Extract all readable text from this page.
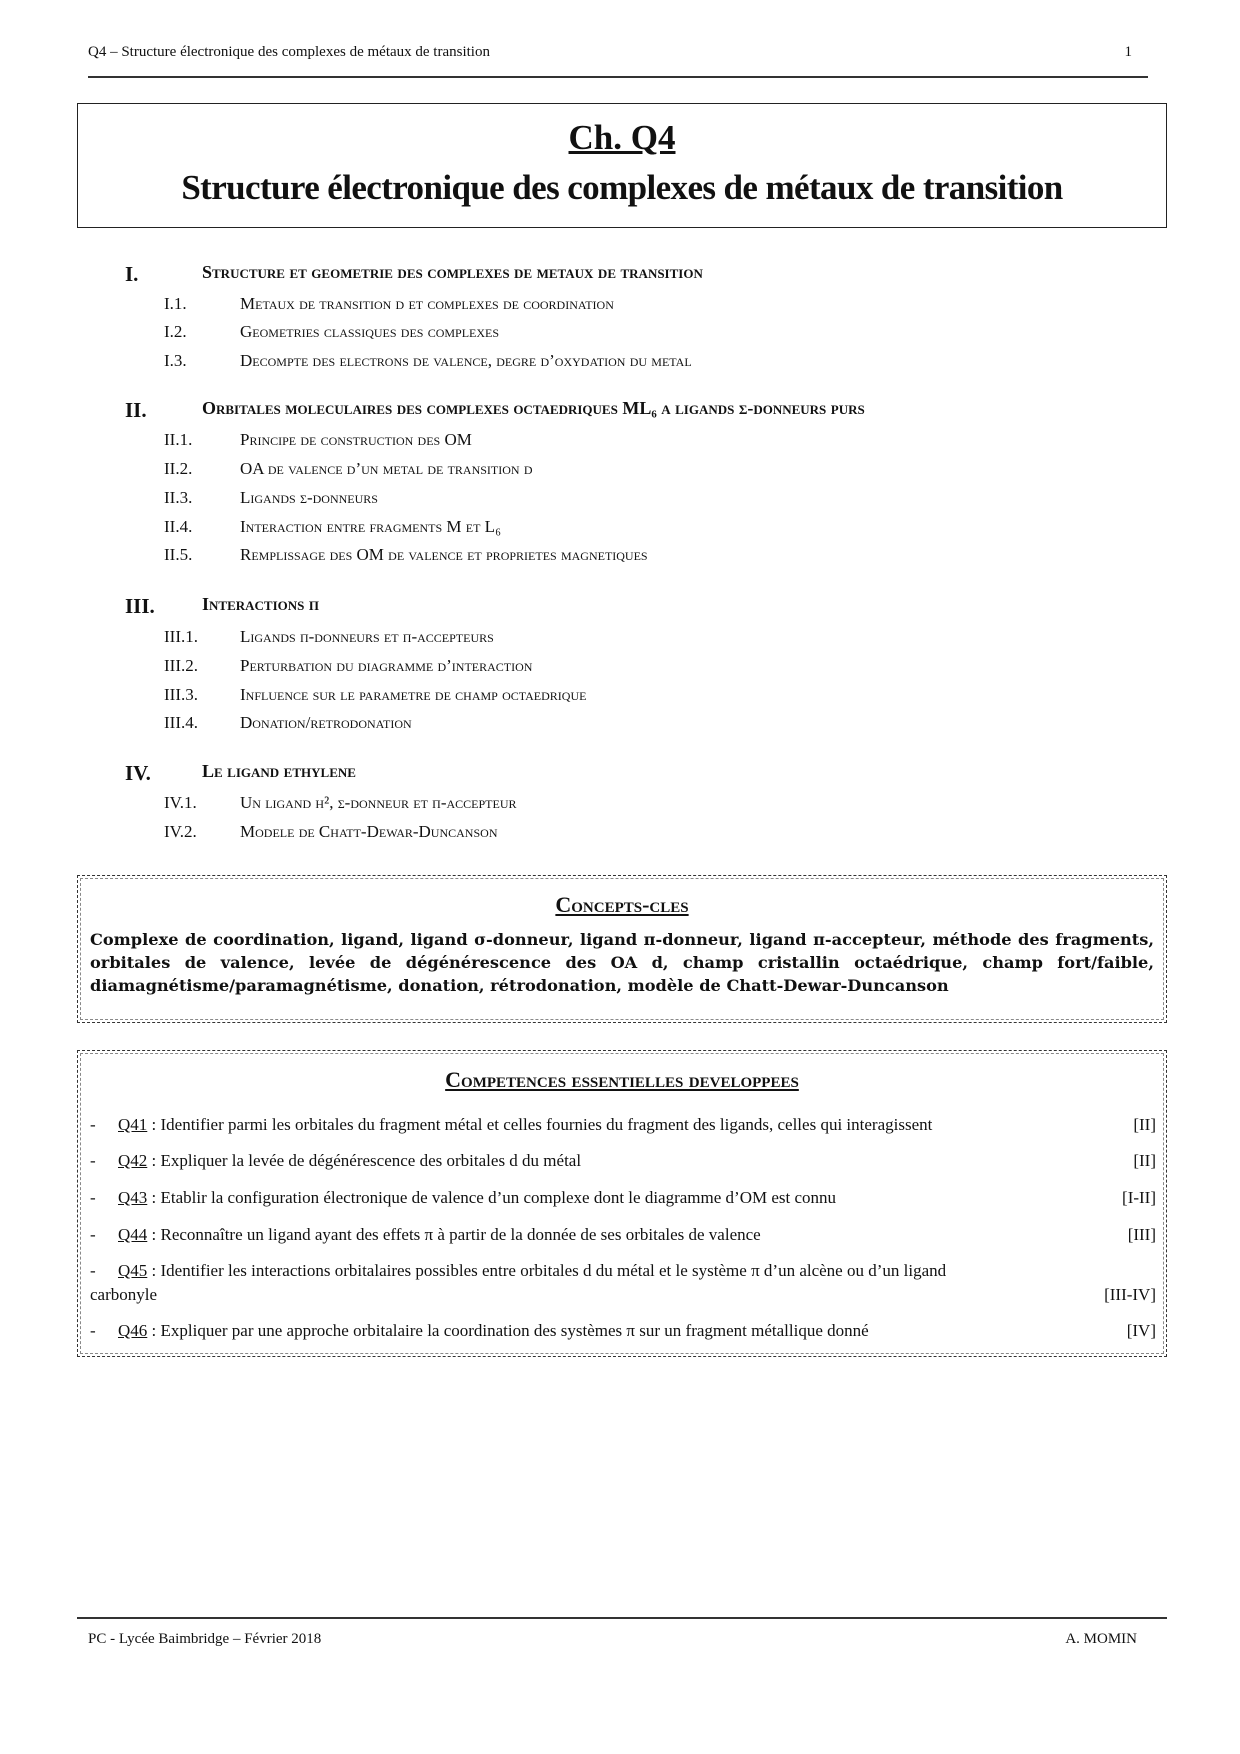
Q4 – Structure électronique des complexes de métaux de transition	1
Ch. Q4
Structure électronique des complexes de métaux de transition
I.	Structure et geometrie des complexes de metaux de transition
I.1.	Metaux de transition d et complexes de coordination
I.2.	Geometries classiques des complexes
I.3.	Decompte des electrons de valence, degre d’oxydation du metal
II.	Orbitales moleculaires des complexes octaedriques ML₆ a ligands σ-donneurs purs
II.1.	Principe de construction des OM
II.2.	OA de valence d’un metal de transition d
II.3.	Ligands σ-donneurs
II.4.	Interaction entre fragments M et L₆
II.5.	Remplissage des OM de valence et proprietes magnetiques
III.	Interactions π
III.1. Ligands π-donneurs et π-accepteurs
III.2. Perturbation du diagramme d’interaction
III.3. Influence sur le parametre de champ octaedrique
III.4. Donation/retrodonation
IV.	Le ligand ethylene
IV.1.	Un ligand η², σ-donneur et π-accepteur
IV.2.	Modele de Chatt-Dewar-Duncanson
Concepts-cles
Complexe de coordination, ligand, ligand σ-donneur, ligand π-donneur, ligand π-accepteur, méthode des fragments, orbitales de valence, levée de dégénérescence des OA d, champ cristallin octaédrique, champ fort/faible, diamagnétisme/paramagnétisme, donation, rétrodonation, modèle de Chatt-Dewar-Duncanson
Competences essentielles developpees
- Q41 : Identifier parmi les orbitales du fragment métal et celles fournies du fragment des ligands, celles qui interagissent	[II]
- Q42 : Expliquer la levée de dégénérescence des orbitales d du métal	[II]
- Q43 : Etablir la configuration électronique de valence d’un complexe dont le diagramme d’OM est connu	[I-II]
- Q44 : Reconnaître un ligand ayant des effets π à partir de la donnée de ses orbitales de valence	[III]
- Q45 : Identifier les interactions orbitalaires possibles entre orbitales d du métal et le système π d’un alcène ou d’un ligand
carbonyle	[III-IV]
- Q46 : Expliquer par une approche orbitalaire la coordination des systèmes π sur un fragment métallique donné	[IV]
PC - Lycée Baimbridge – Février 2018	A. MOMIN
